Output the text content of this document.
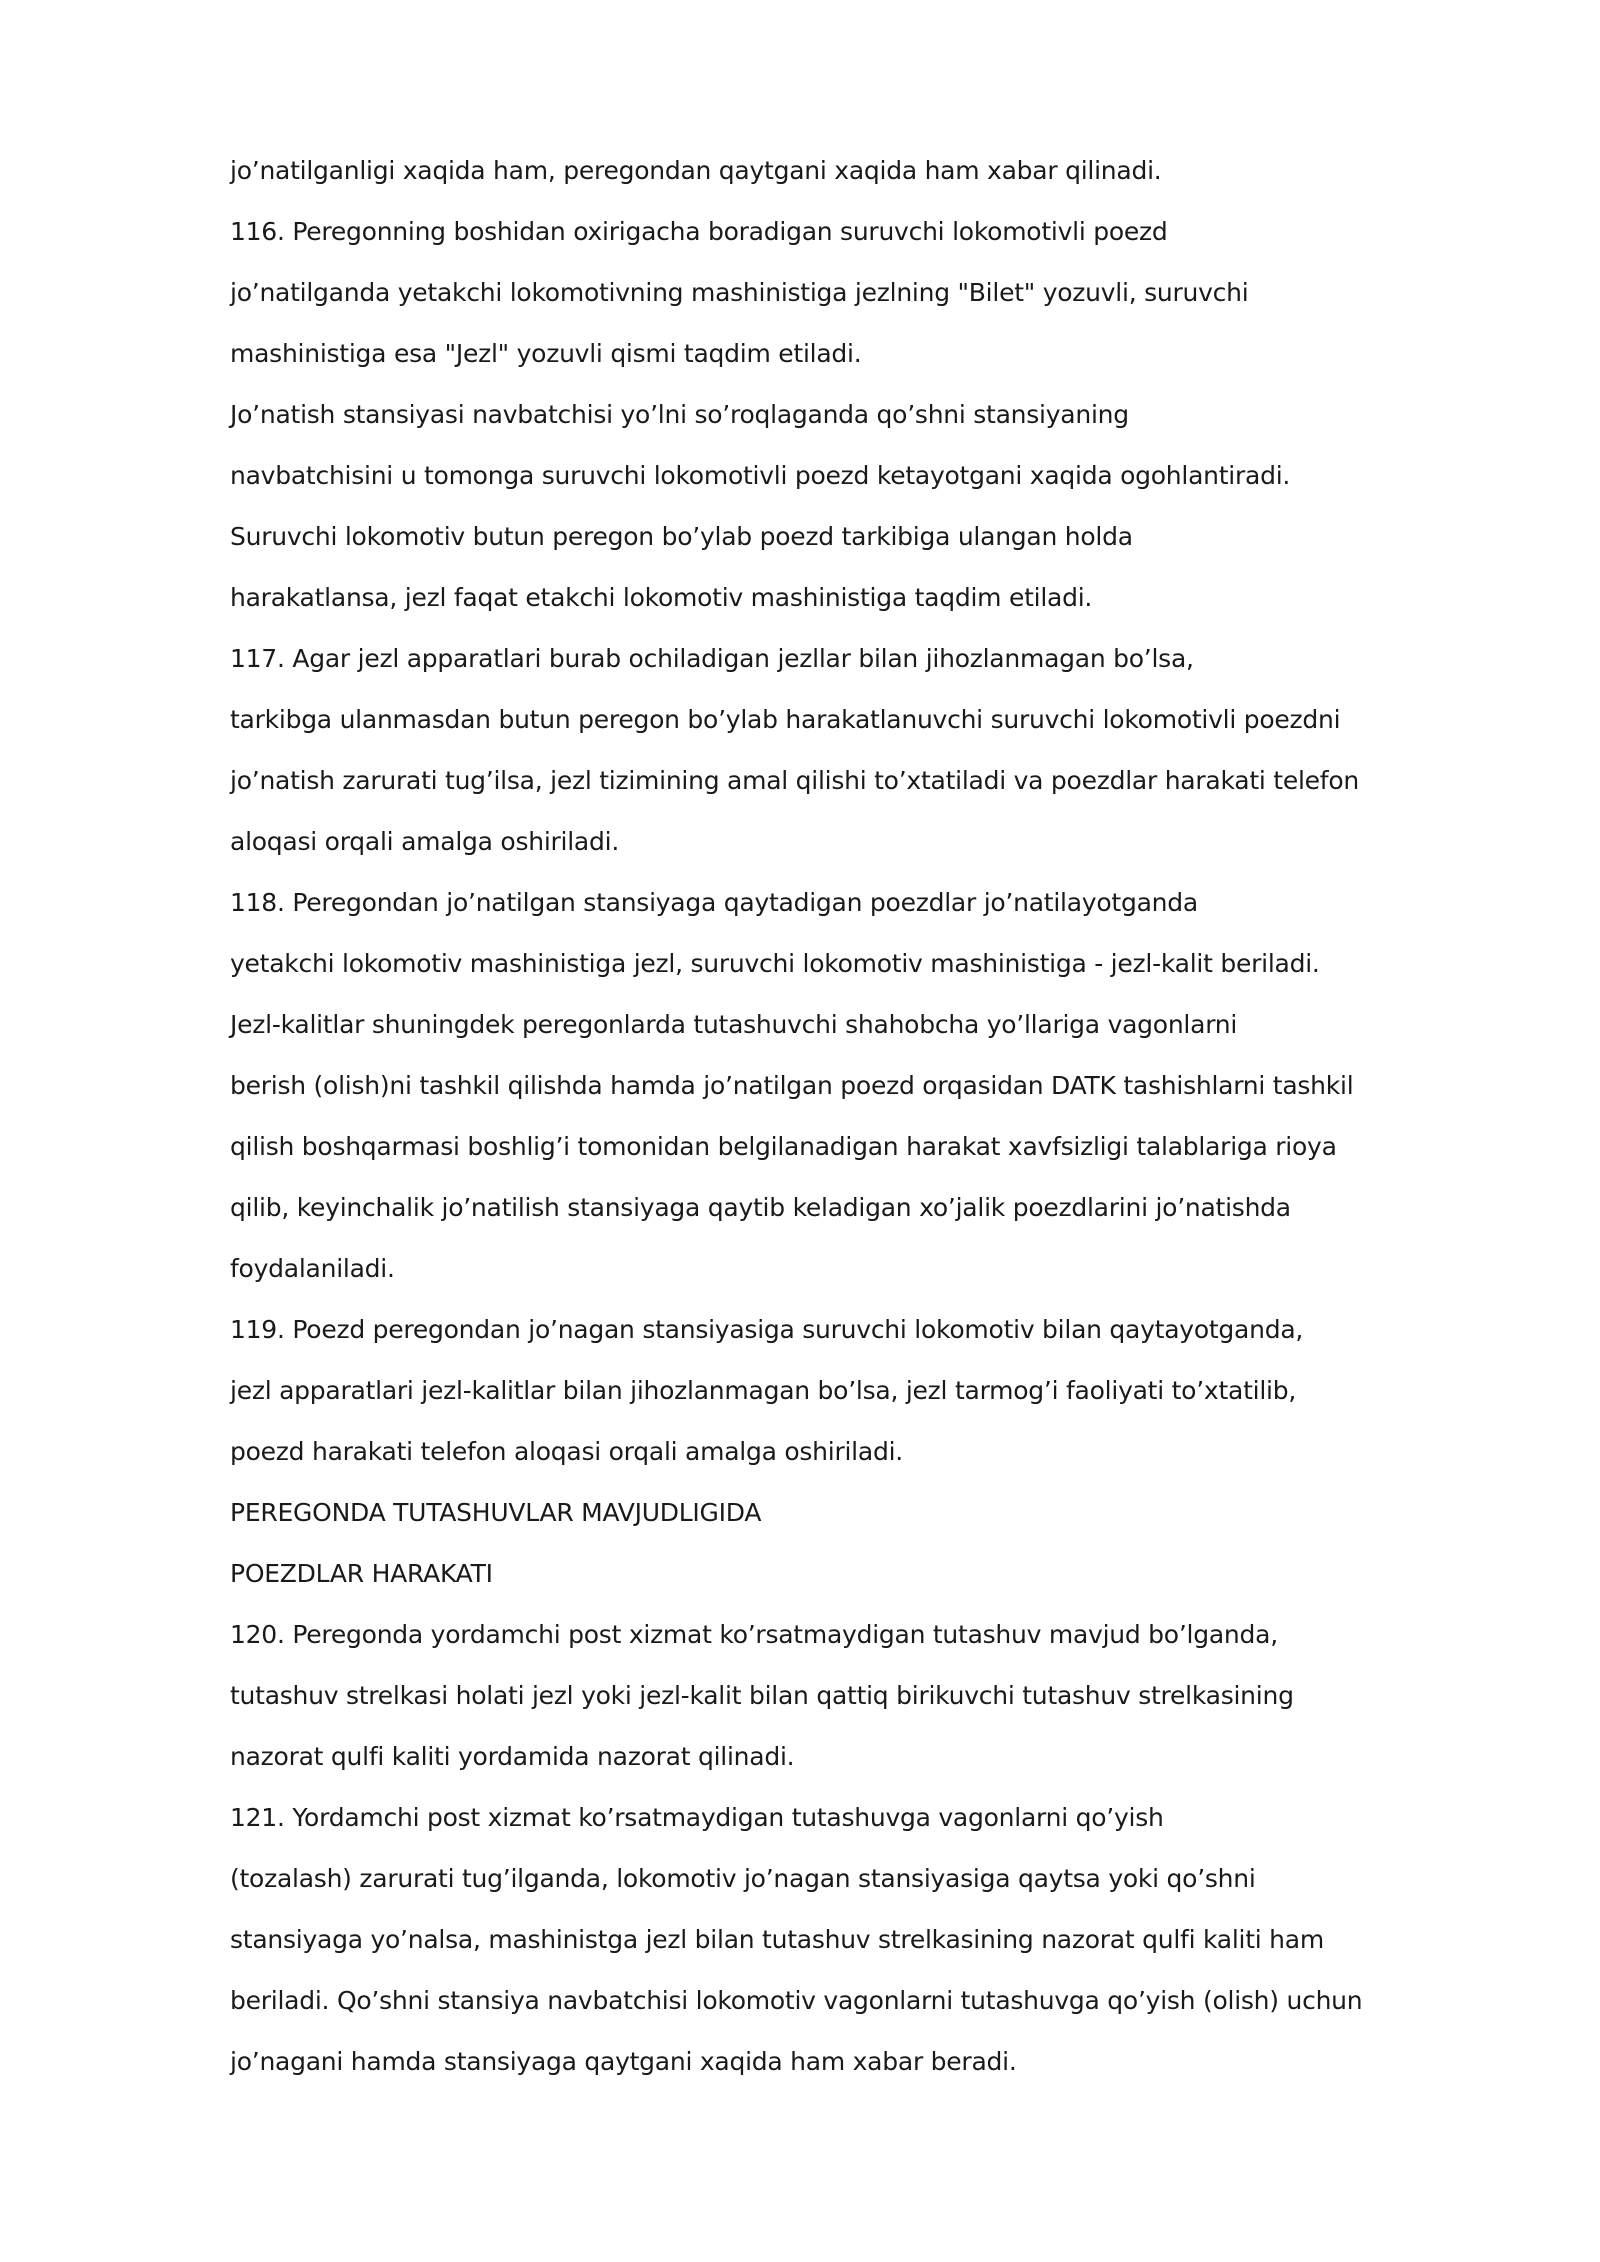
jo’natilganligi xaqida ham, peregondan qaytgani xaqida ham xabar qilinadi.
116. Peregonning boshidan oxirigacha boradigan suruvchi lokomotivli poezd
jo’natilganda yetakchi lokomotivning mashinistiga jezlning "Bilet" yozuvli, suruvchi
mashinistiga esa "Jezl" yozuvli qismi taqdim etiladi.
Jo’natish stansiyasi navbatchisi yo’lni so’roqlaganda qo’shni stansiyaning
navbatchisini u tomonga suruvchi lokomotivli poezd ketayotgani xaqida ogohlantiradi.
Suruvchi lokomotiv butun peregon bo’ylab poezd tarkibiga ulangan holda
harakatlansa, jezl faqat etakchi lokomotiv mashinistiga taqdim etiladi.
117. Agar jezl apparatlari burab ochiladigan jezllar bilan jihozlanmagan bo’lsa,
tarkibga ulanmasdan butun peregon bo’ylab harakatlanuvchi suruvchi lokomotivli poezdni
jo’natish zarurati tug’ilsa, jezl tizimining amal qilishi to’xtatiladi va poezdlar harakati telefon
aloqasi orqali amalga oshiriladi.
118. Peregondan jo’natilgan stansiyaga qaytadigan poezdlar jo’natilayotganda
yetakchi lokomotiv mashinistiga jezl, suruvchi lokomotiv mashinistiga - jezl-kalit beriladi.
Jezl-kalitlar shuningdek peregonlarda tutashuvchi shahobcha yo’llariga vagonlarni
berish (olish)ni tashkil qilishda hamda jo’natilgan poezd orqasidan DATK tashishlarni tashkil
qilish boshqarmasi boshlig’i tomonidan belgilanadigan harakat xavfsizligi talablariga rioya
qilib, keyinchalik jo’natilish stansiyaga qaytib keladigan xo’jalik poezdlarini jo’natishda
foydalaniladi.
119. Poezd peregondan jo’nagan stansiyasiga suruvchi lokomotiv bilan qaytayotganda,
jezl apparatlari jezl-kalitlar bilan jihozlanmagan bo’lsa, jezl tarmog’i faoliyati to’xtatilib,
poezd harakati telefon aloqasi orqali amalga oshiriladi.
PEREGONDA TUTASHUVLAR MAVJUDLIGIDA
POEZDLAR HARAKATI
120. Peregonda yordamchi post xizmat ko’rsatmaydigan tutashuv mavjud bo’lganda,
tutashuv strelkasi holati jezl yoki jezl-kalit bilan qattiq birikuvchi tutashuv strelkasining
nazorat qulfi kaliti yordamida nazorat qilinadi.
121. Yordamchi post xizmat ko’rsatmaydigan tutashuvga vagonlarni qo’yish
(tozalash) zarurati tug’ilganda, lokomotiv jo’nagan stansiyasiga qaytsa yoki qo’shni
stansiyaga yo’nalsa, mashinistga jezl bilan tutashuv strelkasining nazorat qulfi kaliti ham
beriladi. Qo’shni stansiya navbatchisi lokomotiv vagonlarni tutashuvga qo’yish (olish) uchun
jo’nagani hamda stansiyaga qaytgani xaqida ham xabar beradi.
